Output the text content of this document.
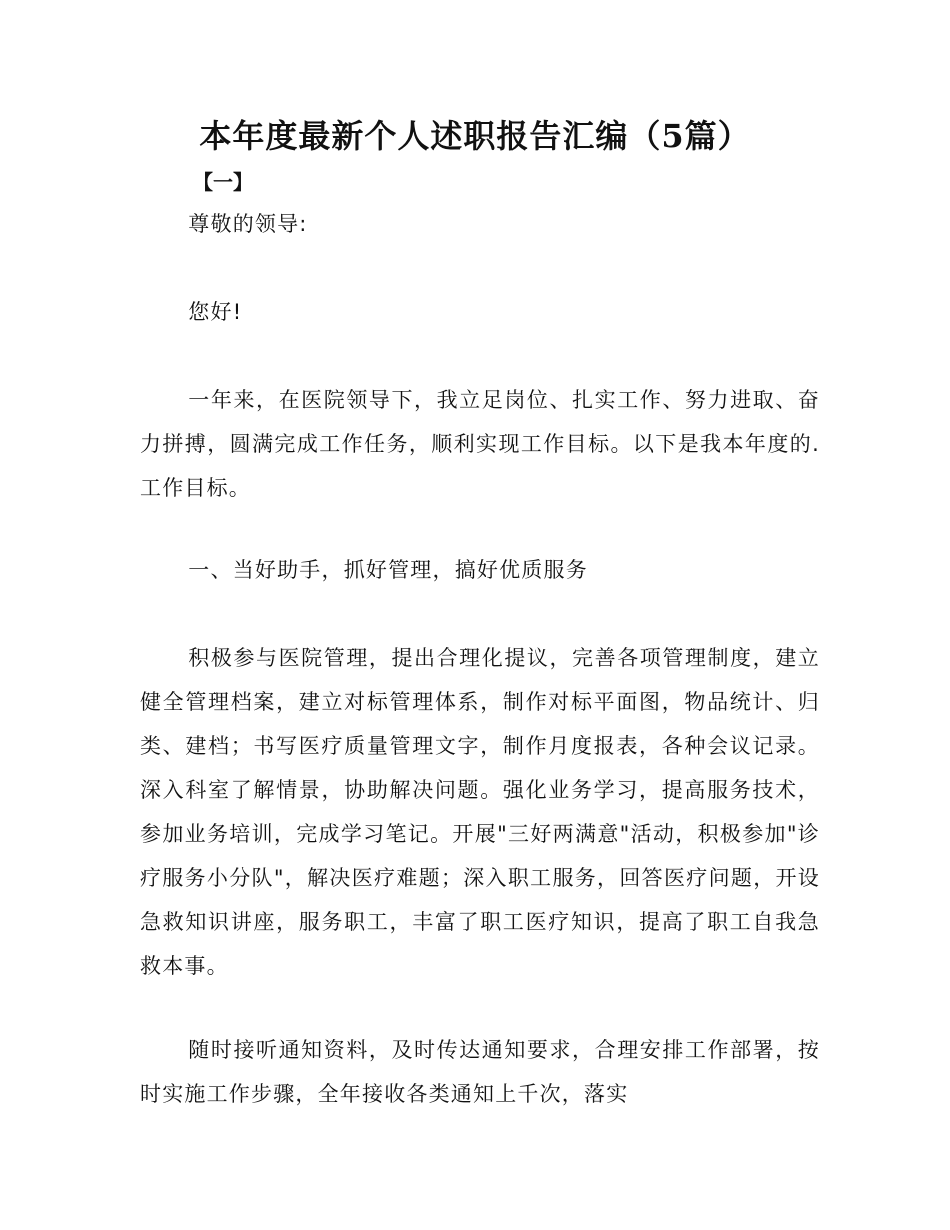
本年度最新个人述职报告汇编（5篇）
【一】

尊敬的领导:

您好!

一年来，在医院领导下，我立足岗位、扎实工作、努力进取、奋力拼搏，圆满完成工作任务，顺利实现工作目标。以下是我本年度的.工作目标。

一、当好助手，抓好管理，搞好优质服务

积极参与医院管理，提出合理化提议，完善各项管理制度，建立健全管理档案，建立对标管理体系，制作对标平面图，物品统计、归类、建档；书写医疗质量管理文字，制作月度报表，各种会议记录。深入科室了解情景，协助解决问题。强化业务学习，提高服务技术，参加业务培训，完成学习笔记。开展"三好两满意"活动，积极参加"诊疗服务小分队"，解决医疗难题；深入职工服务，回答医疗问题，开设急救知识讲座，服务职工，丰富了职工医疗知识，提高了职工自我急救本事。

随时接听通知资料，及时传达通知要求，合理安排工作部署，按时实施工作步骤，全年接收各类通知上千次，落实
